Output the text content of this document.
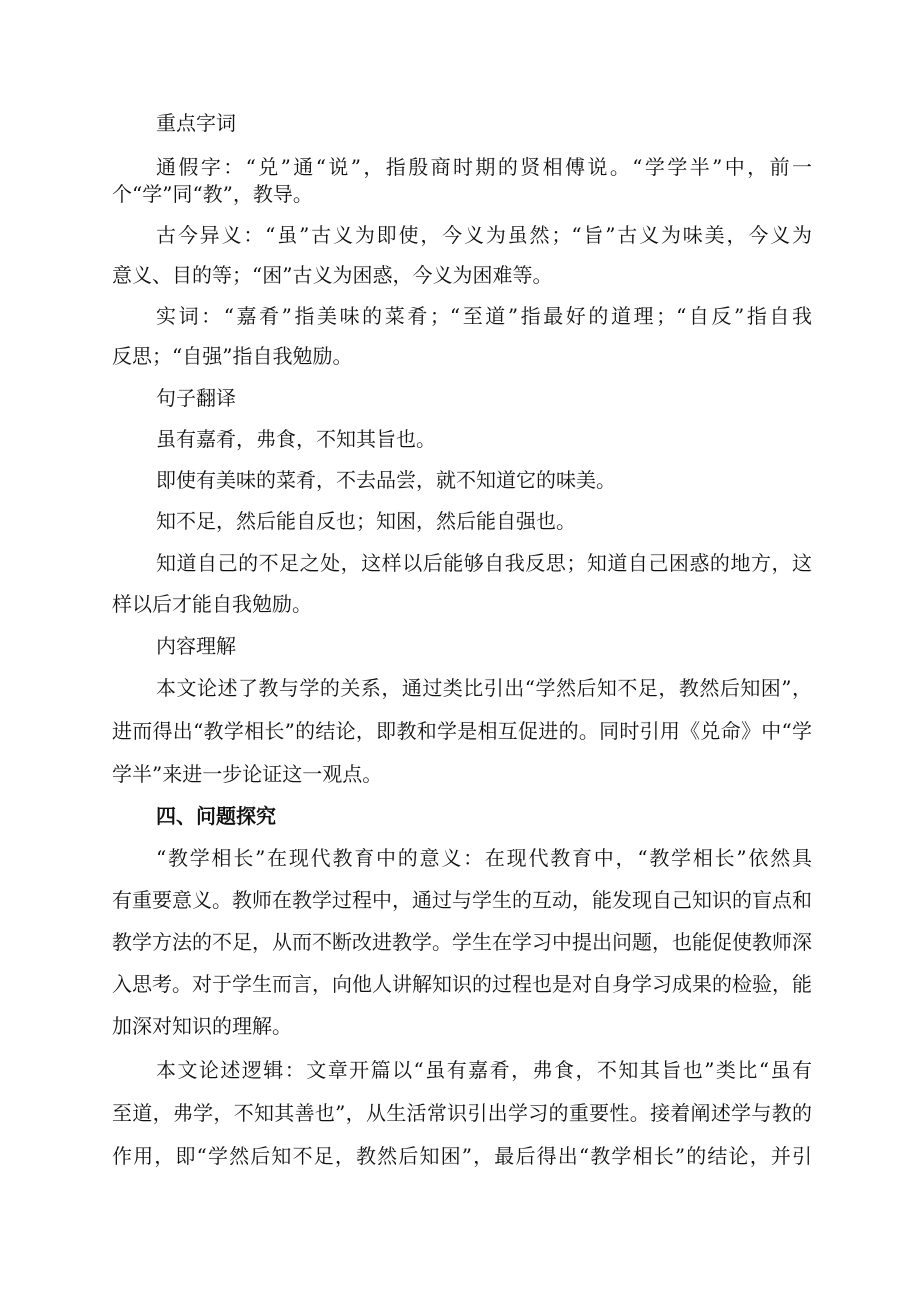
重点字词
通假字：“兑”通“说”，指殷商时期的贤相傅说。“学学半”中，前一
个“学”同“教”，教导。
古今异义：“虽”古义为即使，今义为虽然；“旨”古义为味美，今义为
意义、目的等；“困”古义为困惑，今义为困难等。
实词：“嘉肴”指美味的菜肴；“至道”指最好的道理；“自反”指自我
反思；“自强”指自我勉励。
句子翻译
虽有嘉肴，弗食，不知其旨也。
即使有美味的菜肴，不去品尝，就不知道它的味美。
知不足，然后能自反也；知困，然后能自强也。
知道自己的不足之处，这样以后能够自我反思；知道自己困惑的地方，这
样以后才能自我勉励。
内容理解
本文论述了教与学的关系，通过类比引出“学然后知不足，教然后知困”，
进而得出“教学相长”的结论，即教和学是相互促进的。同时引用《兑命》中“学
学半”来进一步论证这一观点。
四、问题探究
“教学相长”在现代教育中的意义：在现代教育中，“教学相长”依然具
有重要意义。教师在教学过程中，通过与学生的互动，能发现自己知识的盲点和
教学方法的不足，从而不断改进教学。学生在学习中提出问题，也能促使教师深
入思考。对于学生而言，向他人讲解知识的过程也是对自身学习成果的检验，能
加深对知识的理解。
本文论述逻辑：文章开篇以“虽有嘉肴，弗食，不知其旨也”类比“虽有
至道，弗学，不知其善也”，从生活常识引出学习的重要性。接着阐述学与教的
作用，即“学然后知不足，教然后知困”，最后得出“教学相长”的结论，并引
